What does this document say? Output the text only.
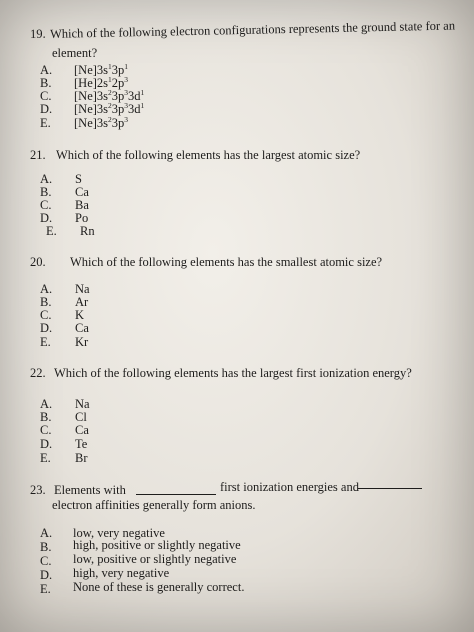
19. Which of the following electron configurations represents the ground state for an
element?
A. $[Ne]3s^13p^1$
B. $[He]2s^12p^3$
C. $[Ne]3s^23p^33d^1$
D. $[Ne]3s^23p^33d^1$
E. $[Ne]3s^23p^3$
21. Which of the following elements has the largest atomic size?
A. S
B. Ca
C. Ba
D. Po
E. Rn
20. Which of the following elements has the smallest atomic size?
A. Na
B. Ar
C. K
D. Ca
E. Kr
22. Which of the following elements has the largest first ionization energy?
A. Na
B. Cl
C. Ca
D. Te
E. Br
23. Elements with	first ionization energies and
electron affinities generally form anions.
A. low, very negative
B. high, positive or slightly negative
C. low, positive or slightly negative
D. high, very negative
E. None of these is generally correct.
